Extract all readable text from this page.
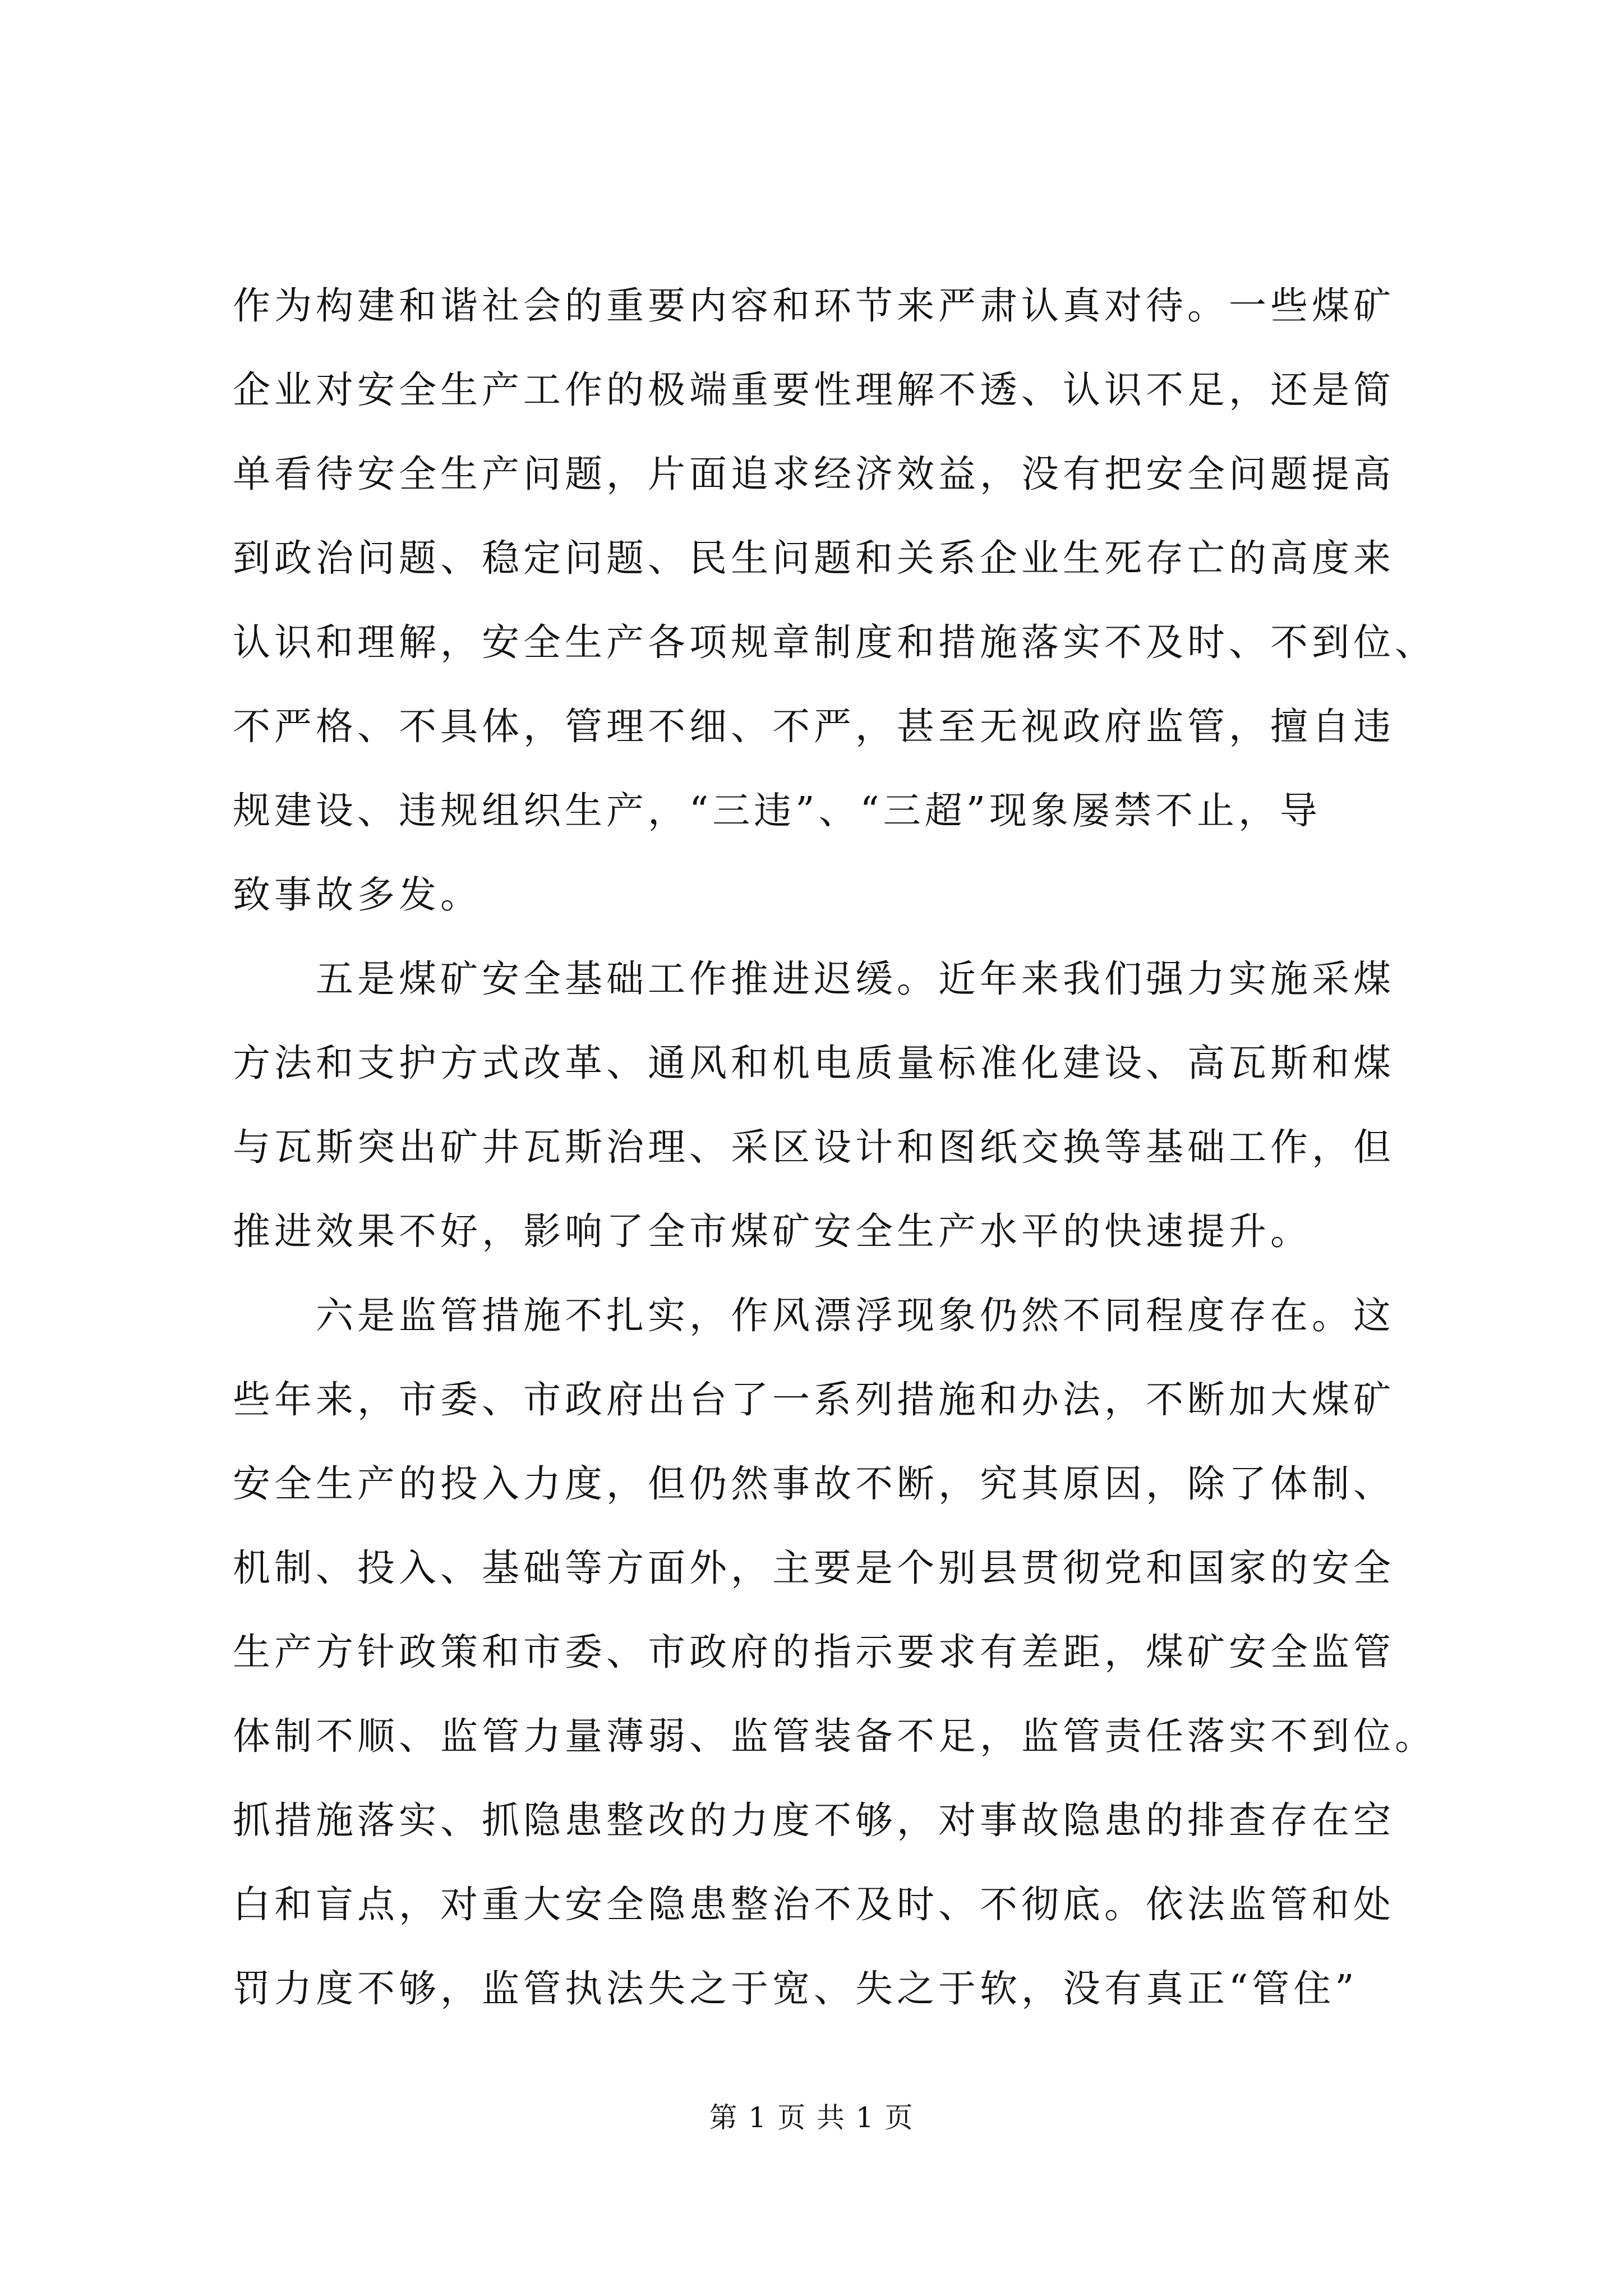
作为构建和谐社会的重要内容和环节来严肃认真对待。一些煤矿
企业对安全生产工作的极端重要性理解不透、认识不足，还是简
单看待安全生产问题，片面追求经济效益，没有把安全问题提高
到政治问题、稳定问题、民生问题和关系企业生死存亡的高度来
认识和理解，安全生产各项规章制度和措施落实不及时、不到位、
不严格、不具体，管理不细、不严，甚至无视政府监管，擅自违
规建设、违规组织生产，“三违”、“三超”现象屡禁不止，导
致事故多发。
　　五是煤矿安全基础工作推进迟缓。近年来我们强力实施采煤
方法和支护方式改革、通风和机电质量标准化建设、高瓦斯和煤
与瓦斯突出矿井瓦斯治理、采区设计和图纸交换等基础工作，但
推进效果不好，影响了全市煤矿安全生产水平的快速提升。
　　六是监管措施不扎实，作风漂浮现象仍然不同程度存在。这
些年来，市委、市政府出台了一系列措施和办法，不断加大煤矿
安全生产的投入力度，但仍然事故不断，究其原因，除了体制、
机制、投入、基础等方面外，主要是个别县贯彻党和国家的安全
生产方针政策和市委、市政府的指示要求有差距，煤矿安全监管
体制不顺、监管力量薄弱、监管装备不足，监管责任落实不到位。
抓措施落实、抓隐患整改的力度不够，对事故隐患的排查存在空
白和盲点，对重大安全隐患整治不及时、不彻底。依法监管和处
罚力度不够，监管执法失之于宽、失之于软，没有真正“管住”
第 1 页 共 1 页
